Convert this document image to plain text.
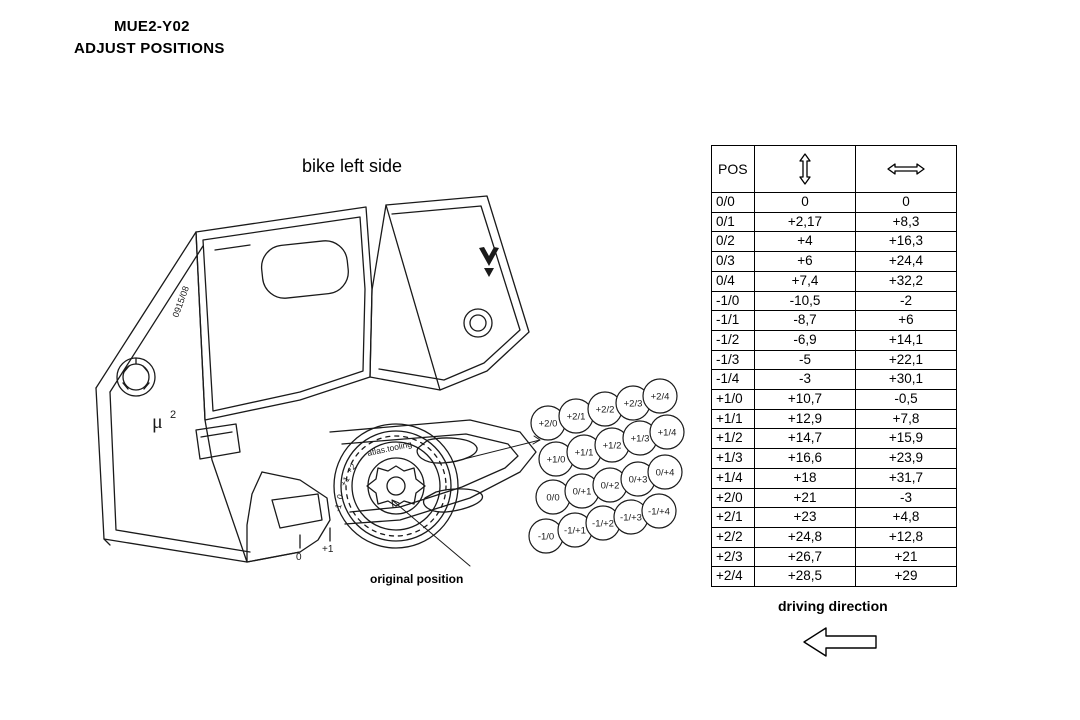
MUE2-Y02
ADJUST POSITIONS
bike left side
0915/08
μ 2
0
+1
atlas.tooling
-1
0
+1
+2
+2/0
+2/1
+2/2
+2/3
+2/4
+1/0
+1/1
+1/2
+1/3
+1/4
0/0
0/+1
0/+2
0/+3
0/+4
-1/0
-1/+1
-1/+2
-1/+3
-1/+4
original position
POS	

0/0	0	0
0/1	+2,17	+8,3
0/2	+4	+16,3
0/3	+6	+24,4
0/4	+7,4	+32,2
-1/0	-10,5	-2
-1/1	-8,7	+6
-1/2	-6,9	+14,1
-1/3	-5	+22,1
-1/4	-3	+30,1
+1/0	+10,7	-0,5
+1/1	+12,9	+7,8
+1/2	+14,7	+15,9
+1/3	+16,6	+23,9
+1/4	+18	+31,7
+2/0	+21	-3
+2/1	+23	+4,8
+2/2	+24,8	+12,8
+2/3	+26,7	+21
+2/4	+28,5	+29
driving direction
